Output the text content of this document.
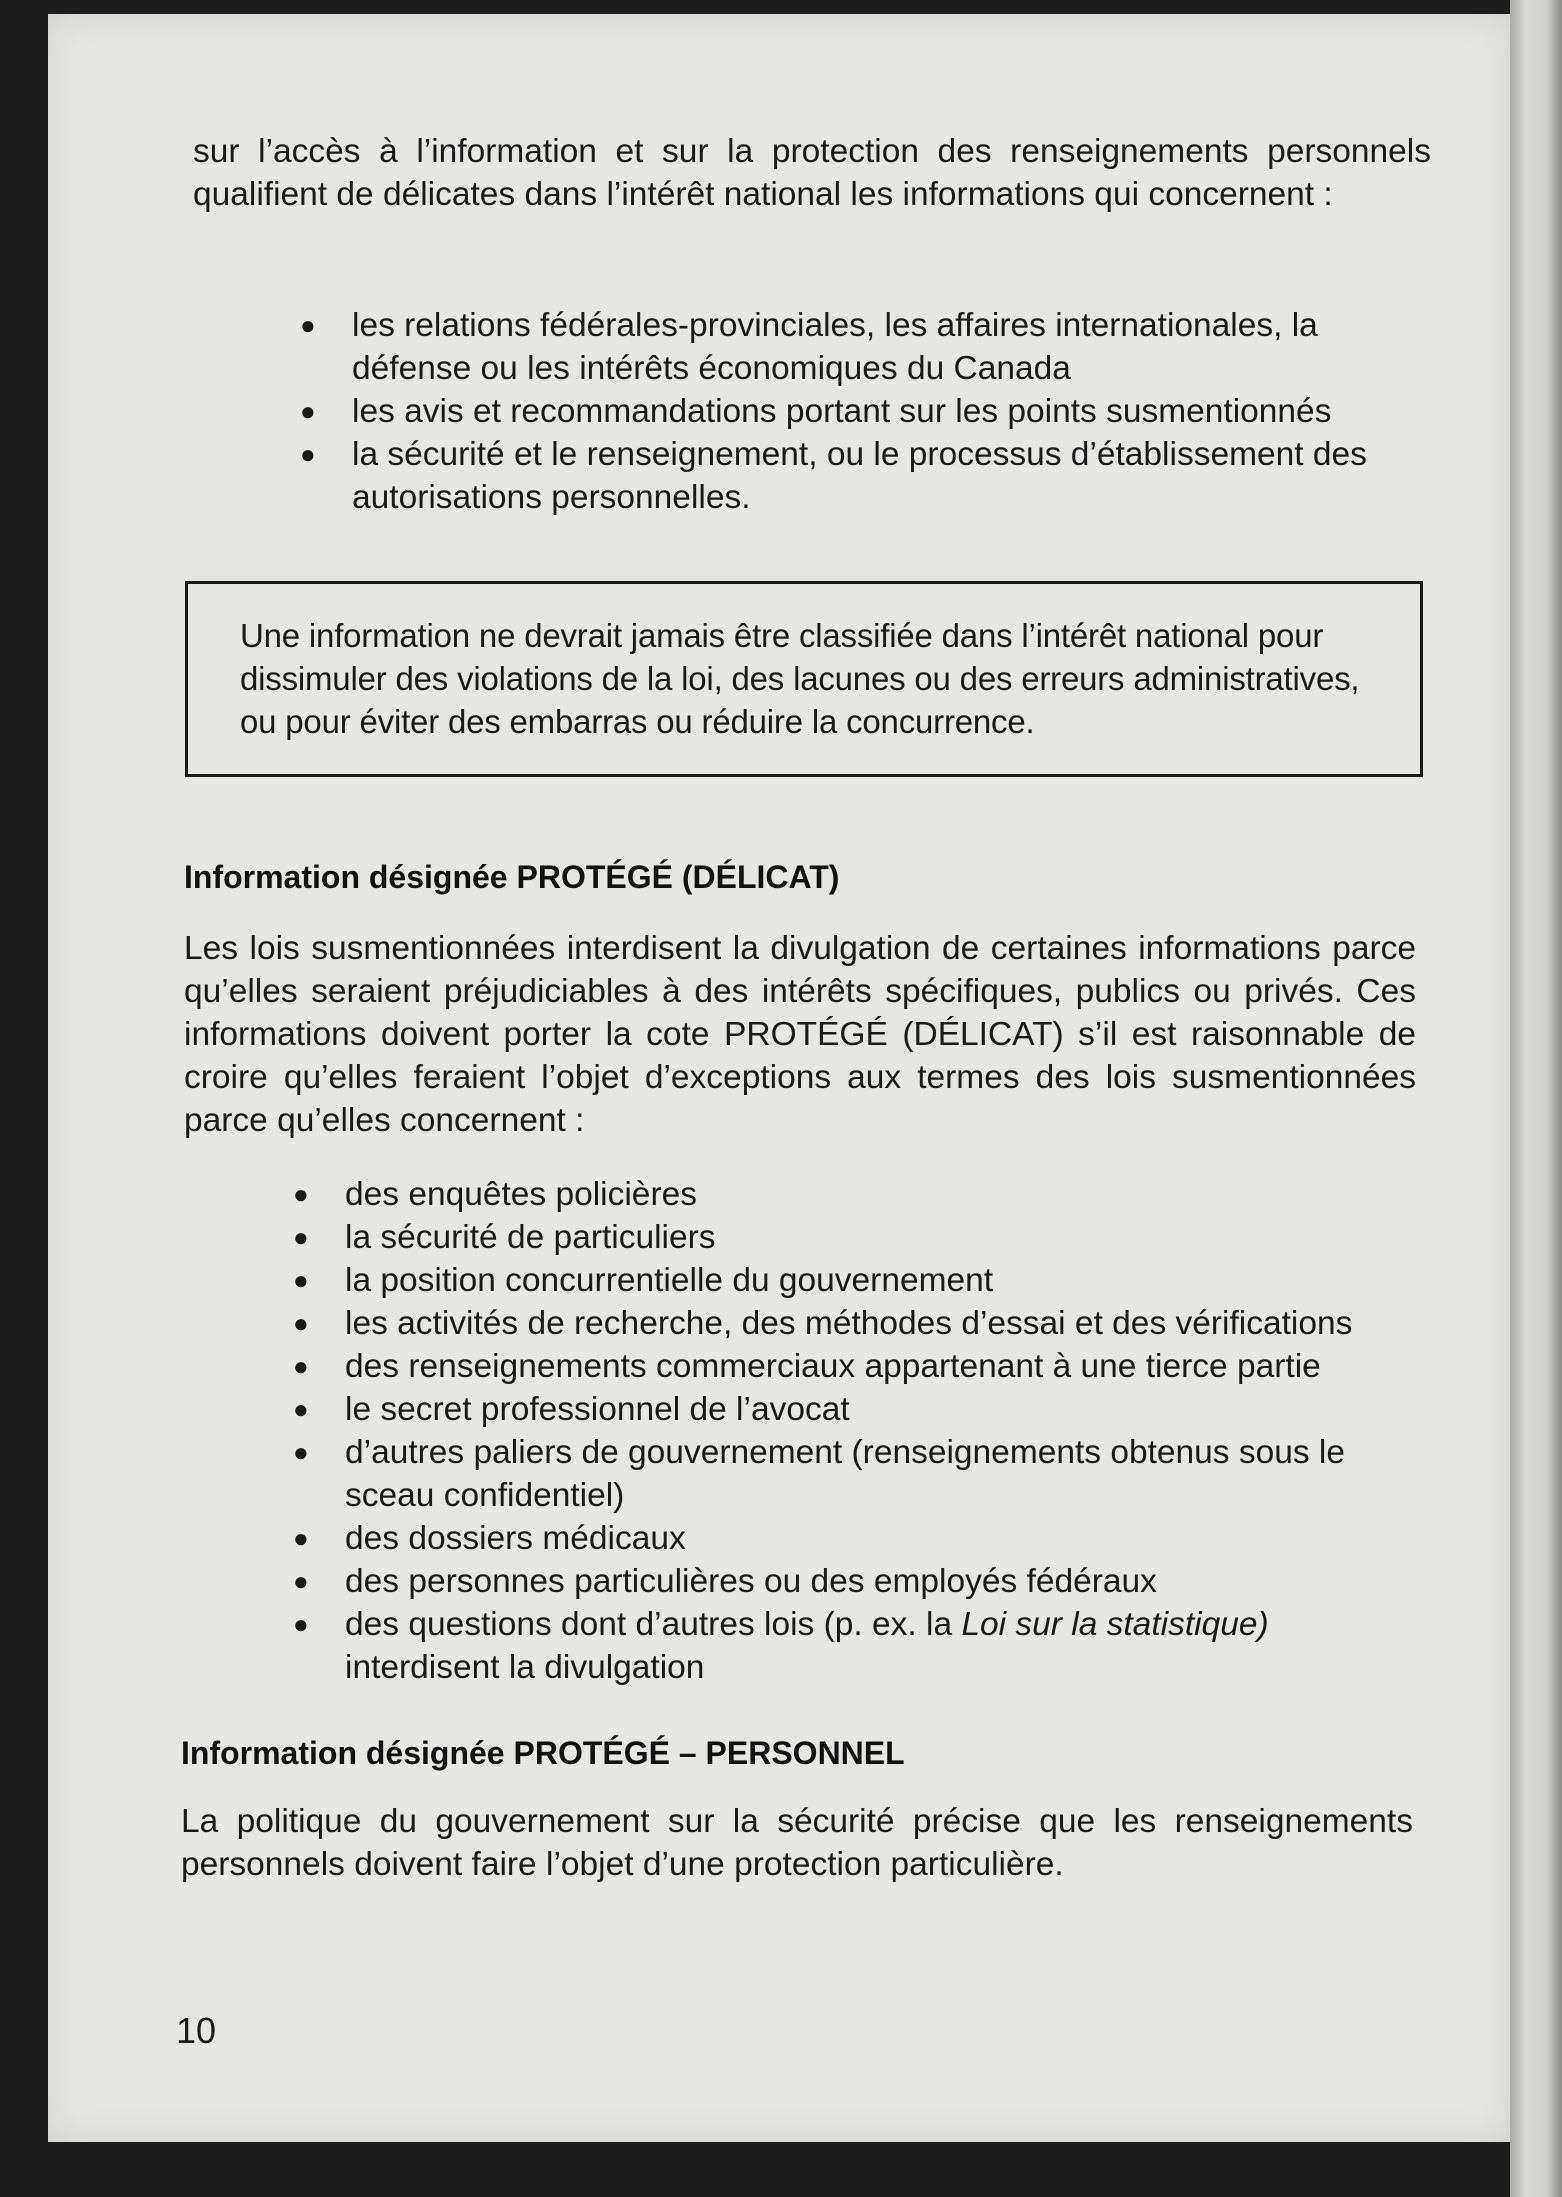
sur l’accès à l’information et sur la protection des renseignements personnels qualifient de délicates dans l’intérêt national les informations qui concernent :
● les relations fédérales-provinciales, les affaires internationales, la défense ou les intérêts économiques du Canada
● les avis et recommandations portant sur les points susmentionnés
● la sécurité et le renseignement, ou le processus d’établissement des autorisations personnelles.
Une information ne devrait jamais être classifiée dans l’intérêt national pour dissimuler des violations de la loi, des lacunes ou des erreurs administratives, ou pour éviter des embarras ou réduire la concurrence.
Information désignée PROTÉGÉ (DÉLICAT)
Les lois susmentionnées interdisent la divulgation de certaines informations parce qu’elles seraient préjudiciables à des intérêts spécifiques, publics ou privés. Ces informations doivent porter la cote PROTÉGÉ (DÉLICAT) s’il est raisonnable de croire qu’elles feraient l’objet d’exceptions aux termes des lois susmentionnées parce qu’elles concernent :
● des enquêtes policières
● la sécurité de particuliers
● la position concurrentielle du gouvernement
● les activités de recherche, des méthodes d’essai et des vérifications
● des renseignements commerciaux appartenant à une tierce partie
● le secret professionnel de l’avocat
● d’autres paliers de gouvernement (renseignements obtenus sous le sceau confidentiel)
● des dossiers médicaux
● des personnes particulières ou des employés fédéraux
● des questions dont d’autres lois (p. ex. la Loi sur la statistique) interdisent la divulgation
Information désignée PROTÉGÉ – PERSONNEL
La politique du gouvernement sur la sécurité précise que les renseignements personnels doivent faire l’objet d’une protection particulière.
10
